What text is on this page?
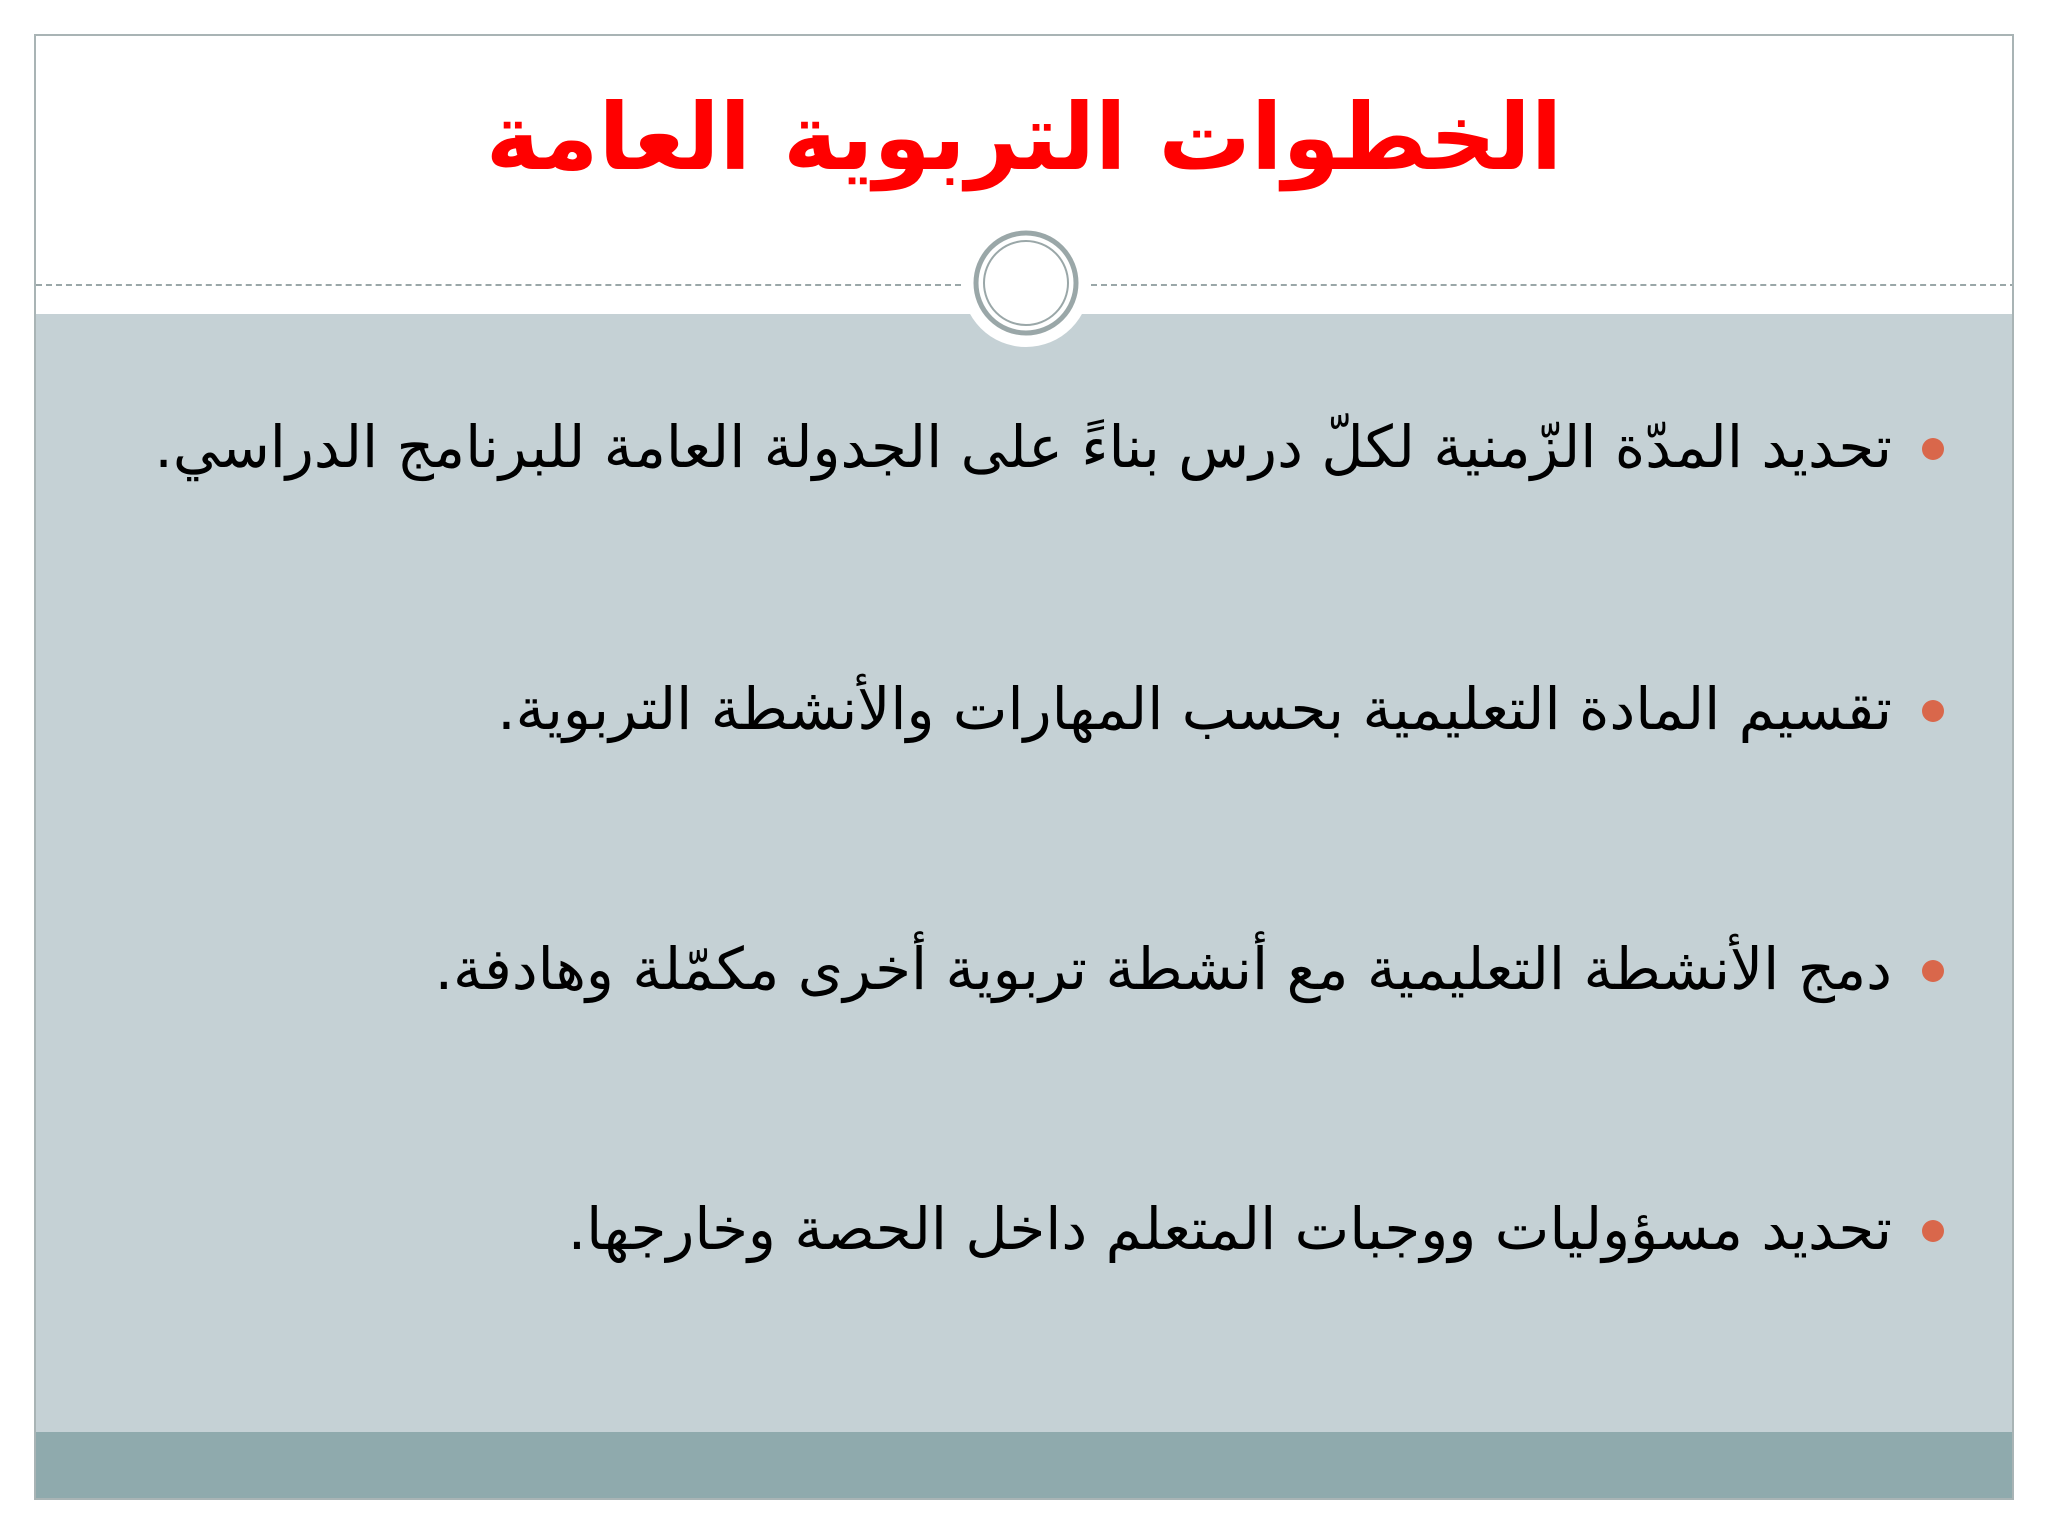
الخطوات التربوية العامة
تحديد المدّة الزّمنية لكلّ درس بناءً على الجدولة العامة للبرنامج الدراسي.
تقسيم المادة التعليمية بحسب المهارات والأنشطة التربوية.
دمج الأنشطة التعليمية مع أنشطة تربوية أخرى مكمّلة وهادفة.
تحديد مسؤوليات ووجبات المتعلم داخل الحصة وخارجها.
